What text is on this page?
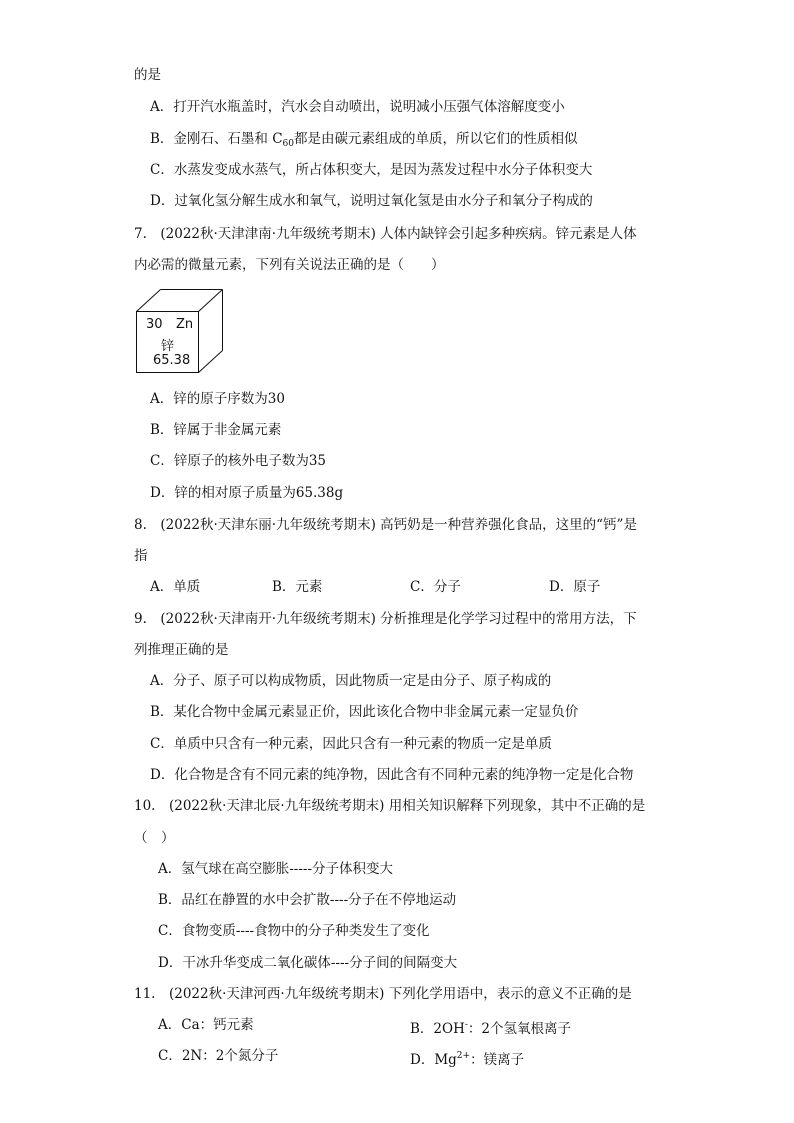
的是
A．打开汽水瓶盖时，汽水会自动喷出，说明减小压强气体溶解度变小
B．金刚石、石墨和 $C_{60}$都是由碳元素组成的单质，所以它们的性质相似
C．水蒸发变成水蒸气，所占体积变大，是因为蒸发过程中水分子体积变大
D．过氧化氢分解生成水和氧气，说明过氧化氢是由水分子和氧分子构成的
7.　(2022秋·天津津南·九年级统考期末) 人体内缺锌会引起多种疾病。锌元素是人体
内必需的微量元素，下列有关说法正确的是（　　）
30 Zn
锌
65.38
A．锌的原子序数为30
B．锌属于非金属元素
C．锌原子的核外电子数为35
D．锌的相对原子质量为65.38g
8.　(2022秋·天津东丽·九年级统考期末) 高钙奶是一种营养强化食品，这里的“钙”是
指
A．单质	B．元素	C．分子	D．原子
9.　(2022秋·天津南开·九年级统考期末) 分析推理是化学学习过程中的常用方法，下
列推理正确的是
A．分子、原子可以构成物质，因此物质一定是由分子、原子构成的
B．某化合物中金属元素显正价，因此该化合物中非金属元素一定显负价
C．单质中只含有一种元素，因此只含有一种元素的物质一定是单质
D．化合物是含有不同元素的纯净物，因此含有不同种元素的纯净物一定是化合物
10.　(2022秋·天津北辰·九年级统考期末) 用相关知识解释下列现象，其中不正确的是
（　）
A．氢气球在高空膨胀-----分子体积变大
B．品红在静置的水中会扩散----分子在不停地运动
C．食物变质----食物中的分子种类发生了变化
D．干冰升华变成二氧化碳体----分子间的间隔变大
11.　(2022秋·天津河西·九年级统考期末) 下列化学用语中，表示的意义不正确的是
A．Ca：钙元素	B．2OH-：2个氢氧根离子
C．2N：2个氮分子	D．$Mg^{2+}$：镁离子
